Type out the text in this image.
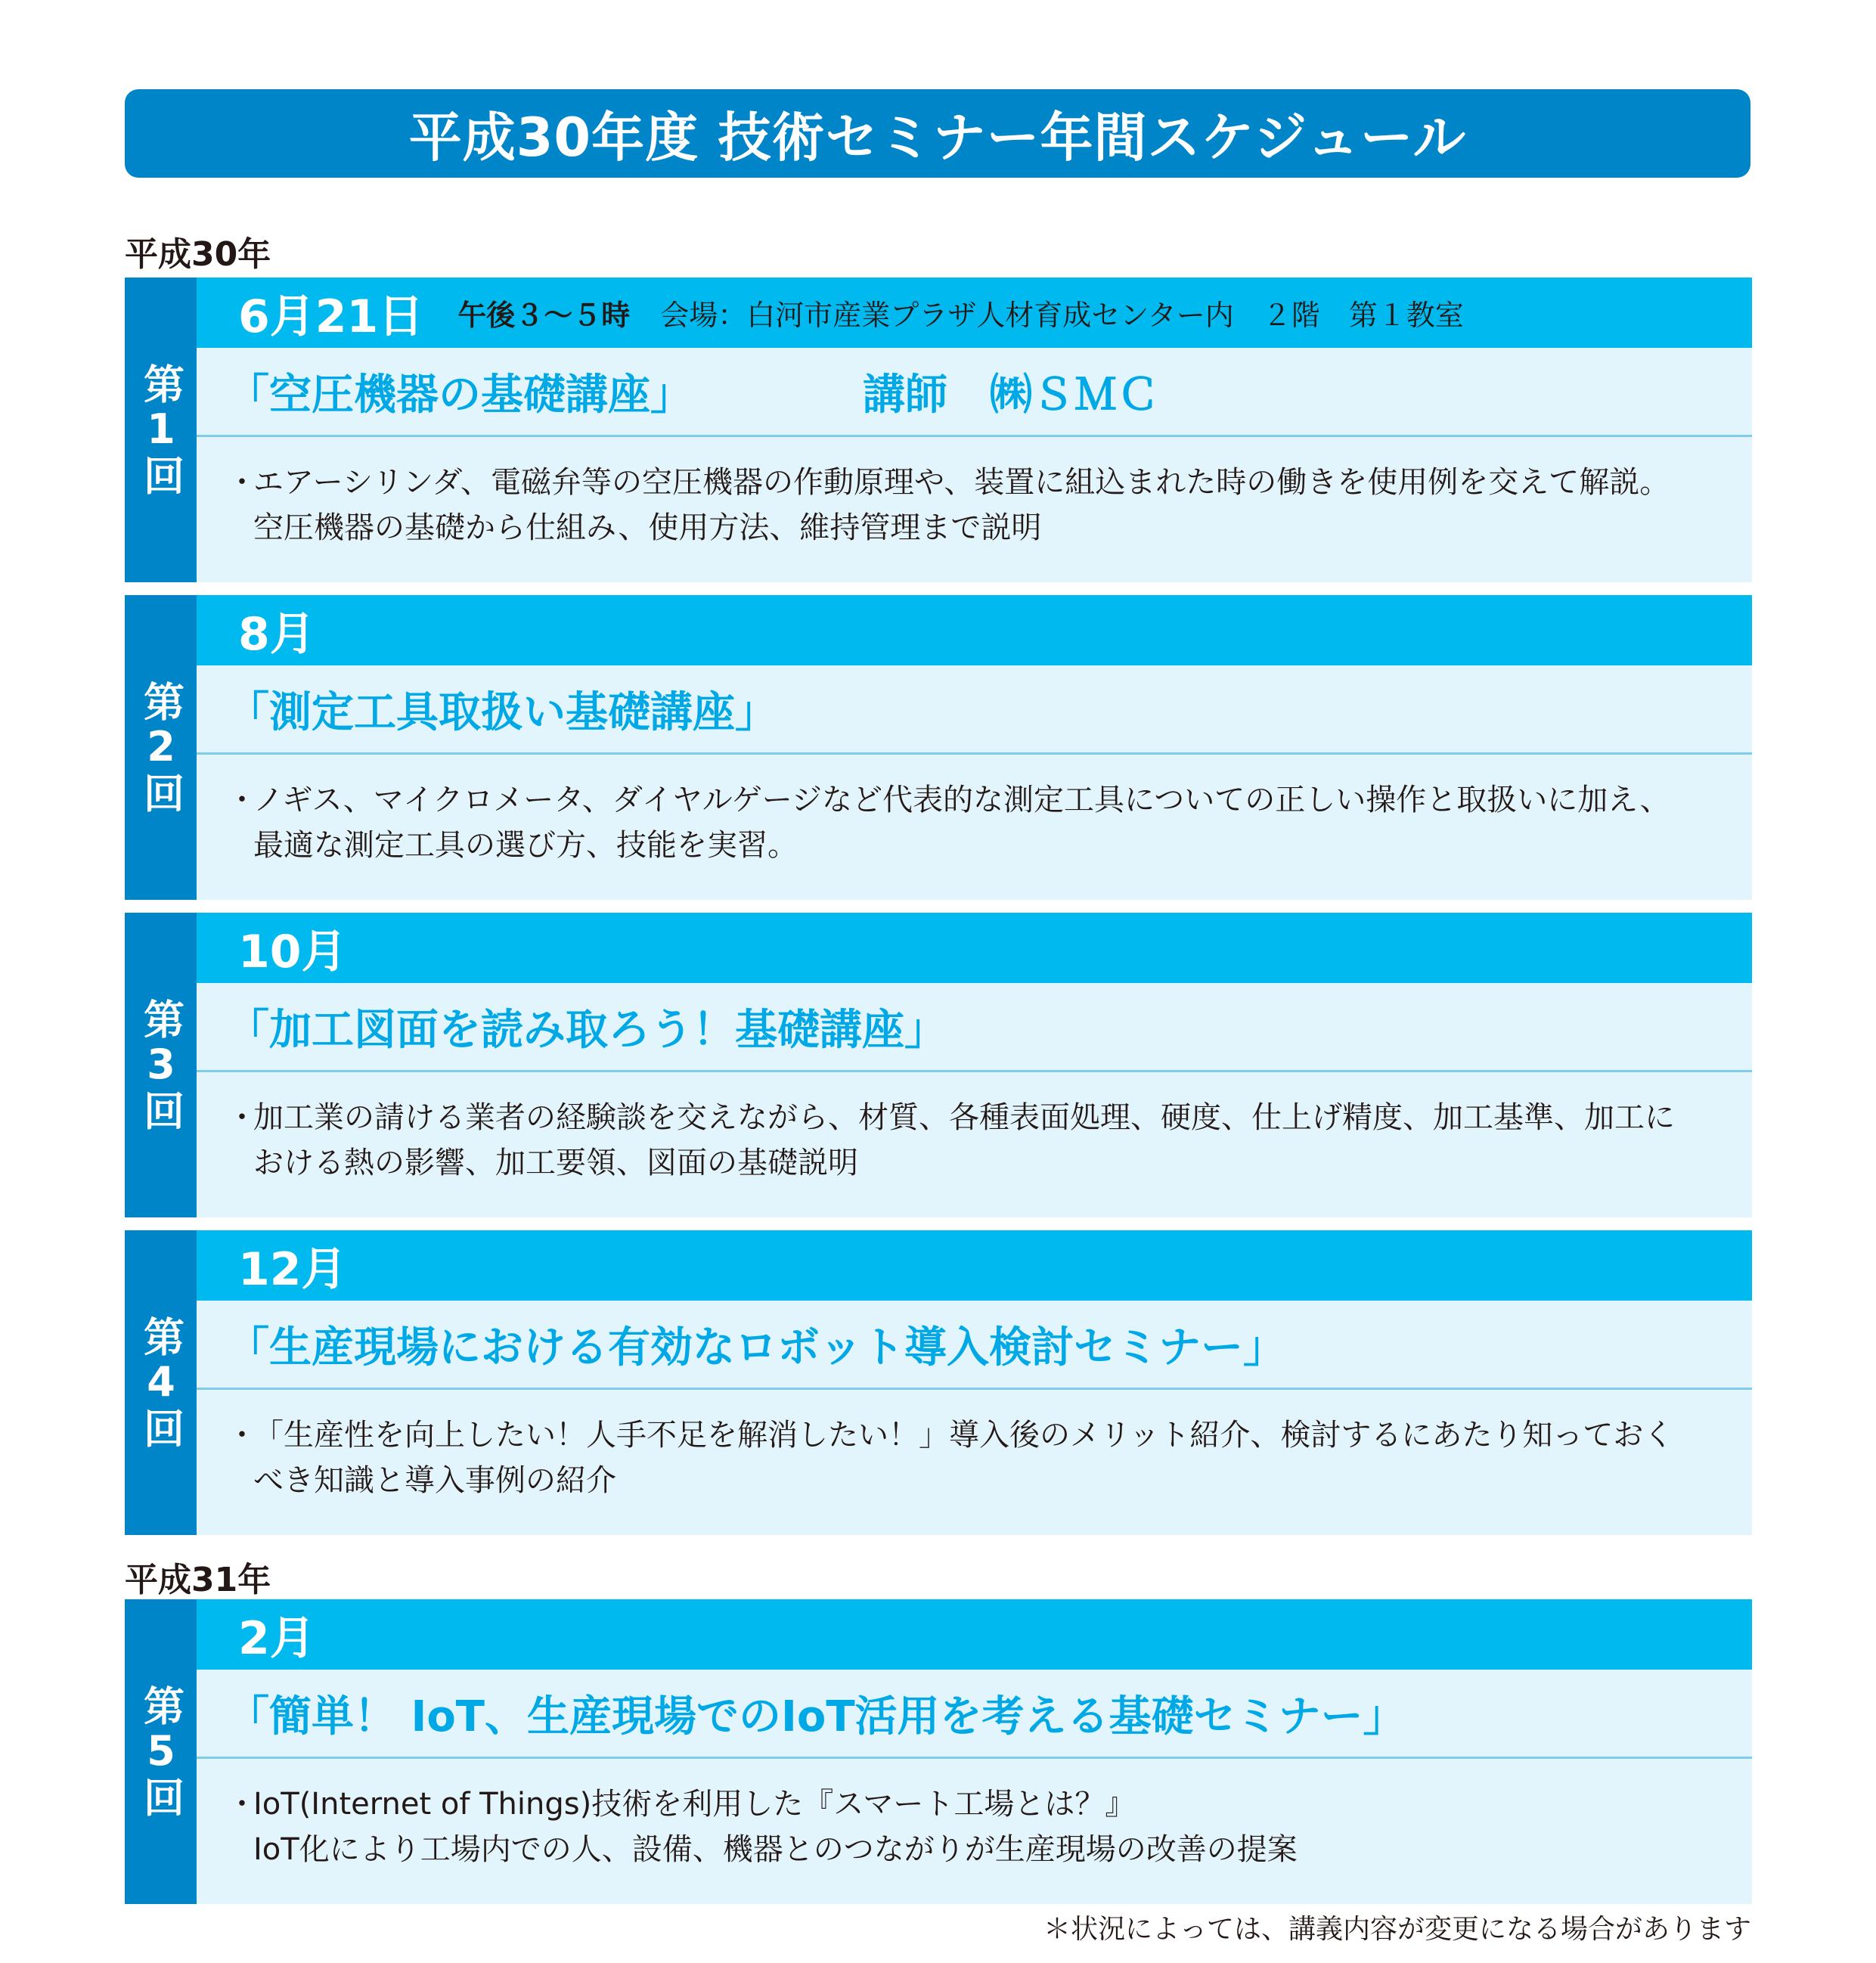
平成30年度 技術セミナー年間スケジュール
平成30年
第1回
6月21日 午後３～５時 会場：白河市産業プラザ人材育成センター内　２階　第１教室
「空圧機器の基礎講座」	講師　㈱ＳＭＣ
・
エアーシリンダ、電磁弁等の空圧機器の作動原理や、装置に組込まれた時の働きを使用例を交えて解説。
空圧機器の基礎から仕組み、使用方法、維持管理まで説明
第2回
8月
「測定工具取扱い基礎講座」
・
ノギス、マイクロメータ、ダイヤルゲージなど代表的な測定工具についての正しい操作と取扱いに加え、
最適な測定工具の選び方、技能を実習。
第3回
10月
「加工図面を読み取ろう！基礎講座」
・
加工業の請ける業者の経験談を交えながら、材質、各種表面処理、硬度、仕上げ精度、加工基準、加工に
おける熱の影響、加工要領、図面の基礎説明
第4回
12月
「生産現場における有効なロボット導入検討セミナー」
・
「生産性を向上したい！人手不足を解消したい！」導入後のメリット紹介、検討するにあたり知っておく
べき知識と導入事例の紹介
平成31年
第5回
2月
「簡単！ IoT、生産現場でのIoT活用を考える基礎セミナー」
・
IoT(Internet of Things)技術を利用した『スマート工場とは？』
IoT化により工場内での人、設備、機器とのつながりが生産現場の改善の提案
＊状況によっては、講義内容が変更になる場合があります
